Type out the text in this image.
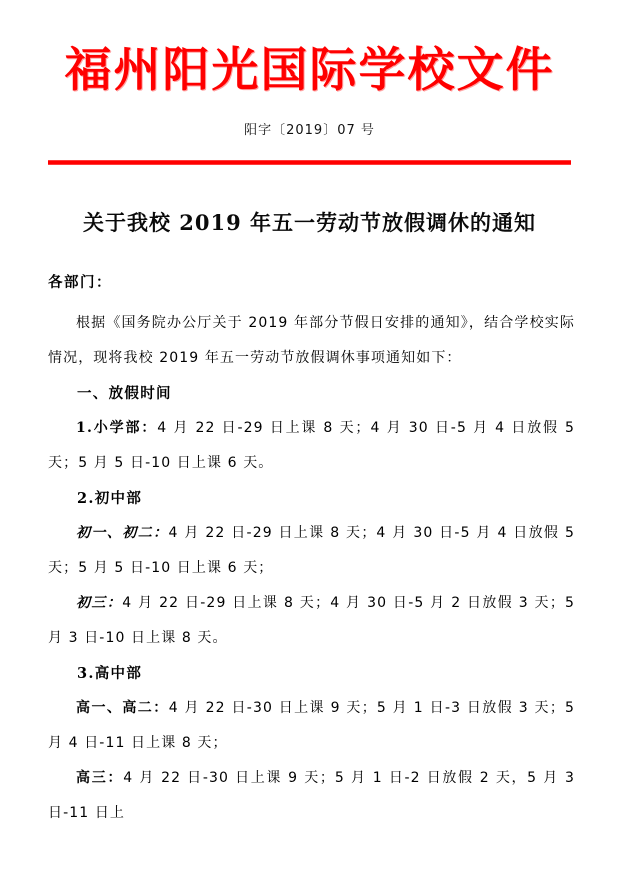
福州阳光国际学校文件
阳字〔2019〕07 号
关于我校 2019 年五一劳动节放假调休的通知
各部门：

根据《国务院办公厅关于 2019 年部分节假日安排的通知》，结合学校实际情况，现将我校 2019 年五一劳动节放假调休事项通知如下：

一、放假时间

1.小学部：4 月 22 日-29 日上课 8 天；4 月 30 日-5 月 4 日放假 5 天；5 月 5 日-10 日上课 6 天。

2.初中部

初一、初二：4 月 22 日-29 日上课 8 天；4 月 30 日-5 月 4 日放假 5 天；5 月 5 日-10 日上课 6 天；

初三：4 月 22 日-29 日上课 8 天；4 月 30 日-5 月 2 日放假 3 天；5 月 3 日-10 日上课 8 天。

3.高中部

高一、高二：4 月 22 日-30 日上课 9 天；5 月 1 日-3 日放假 3 天；5 月 4 日-11 日上课 8 天；

高三：4 月 22 日-30 日上课 9 天；5 月 1 日-2 日放假 2 天，5 月 3 日-11 日上
